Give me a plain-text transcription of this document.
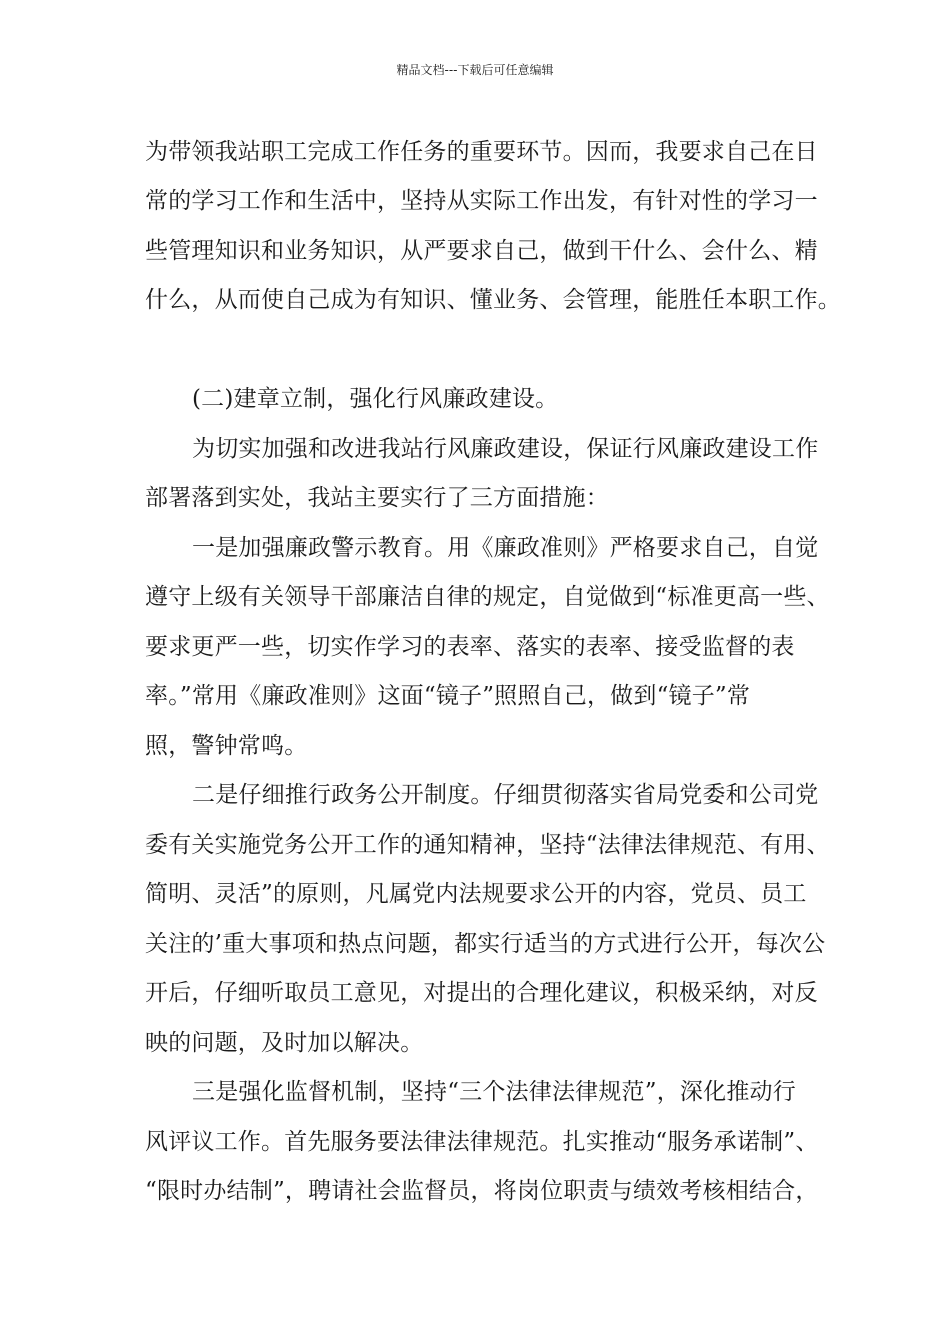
精品文档---下载后可任意编辑
为带领我站职工完成工作任务的重要环节。因而，我要求自己在日
常的学习工作和生活中，坚持从实际工作出发，有针对性的学习一
些管理知识和业务知识，从严要求自己，做到干什么、会什么、精
什么，从而使自己成为有知识、懂业务、会管理，能胜任本职工作。
(二)建章立制，强化行风廉政建设。
为切实加强和改进我站行风廉政建设，保证行风廉政建设工作
部署落到实处，我站主要实行了三方面措施：
一是加强廉政警示教育。用《廉政准则》严格要求自己，自觉
遵守上级有关领导干部廉洁自律的规定，自觉做到“标准更高一些、
要求更严一些，切实作学习的表率、落实的表率、接受监督的表
率。”常用《廉政准则》这面“镜子”照照自己，做到“镜子”常
照，警钟常鸣。
二是仔细推行政务公开制度。仔细贯彻落实省局党委和公司党
委有关实施党务公开工作的通知精神，坚持“法律法律规范、有用、
简明、灵活”的原则，凡属党内法规要求公开的内容，党员、员工
关注的’重大事项和热点问题，都实行适当的方式进行公开，每次公
开后，仔细听取员工意见，对提出的合理化建议，积极采纳，对反
映的问题，及时加以解决。
三是强化监督机制，坚持“三个法律法律规范”，深化推动行
风评议工作。首先服务要法律法律规范。扎实推动“服务承诺制”、
“限时办结制”，聘请社会监督员，将岗位职责与绩效考核相结合，
